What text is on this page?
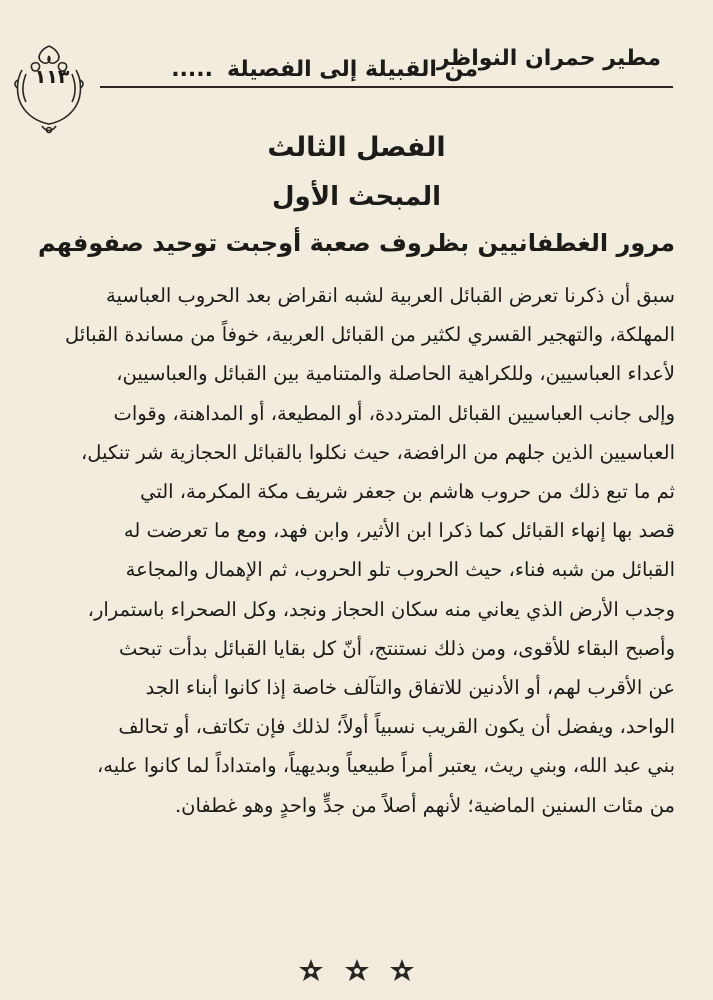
١١٣
مطير حمران النواظر
من القبيلة إلى الفصيلة.....
الفصل الثالث
المبحث الأول
مرور الغطفانيين بظروف صعبة أوجبت توحيد صفوفهم
سبق أن ذكرنا تعرض القبائل العربية لشبه انقراض بعد الحروب العباسية
المهلكة، والتهجير القسري لكثير من القبائل العربية، خوفاً من مساندة القبائل
لأعداء العباسيين، وللكراهية الحاصلة والمتنامية بين القبائل والعباسيين،
وإلى جانب العباسيين القبائل المترددة، أو المطيعة، أو المداهنة، وقوات
العباسيين الذين جلهم من الرافضة، حيث نكلوا بالقبائل الحجازية شر تنكيل،
ثم ما تبع ذلك من حروب هاشم بن جعفر شريف مكة المكرمة، التي
قصد بها إنهاء القبائل كما ذكرا ابن الأثير، وابن فهد، ومع ما تعرضت له
القبائل من شبه فناء، حيث الحروب تلو الحروب، ثم الإهمال والمجاعة
وجدب الأرض الذي يعاني منه سكان الحجاز ونجد، وكل الصحراء باستمرار،
وأصبح البقاء للأقوى، ومن ذلك نستنتج، أنّ كل بقايا القبائل بدأت تبحث
عن الأقرب لهم، أو الأدنين للاتفاق والتآلف خاصة إذا كانوا أبناء الجد
الواحد، ويفضل أن يكون القريب نسبياً أولاً؛ لذلك فإن تكاتف، أو تحالف
بني عبد الله، وبني ريث، يعتبر أمراً طبيعياً وبديهياً، وامتداداً لما كانوا عليه،
من مئات السنين الماضية؛ لأنهم أصلاً من جدٍّ واحدٍ وهو غطفان.
